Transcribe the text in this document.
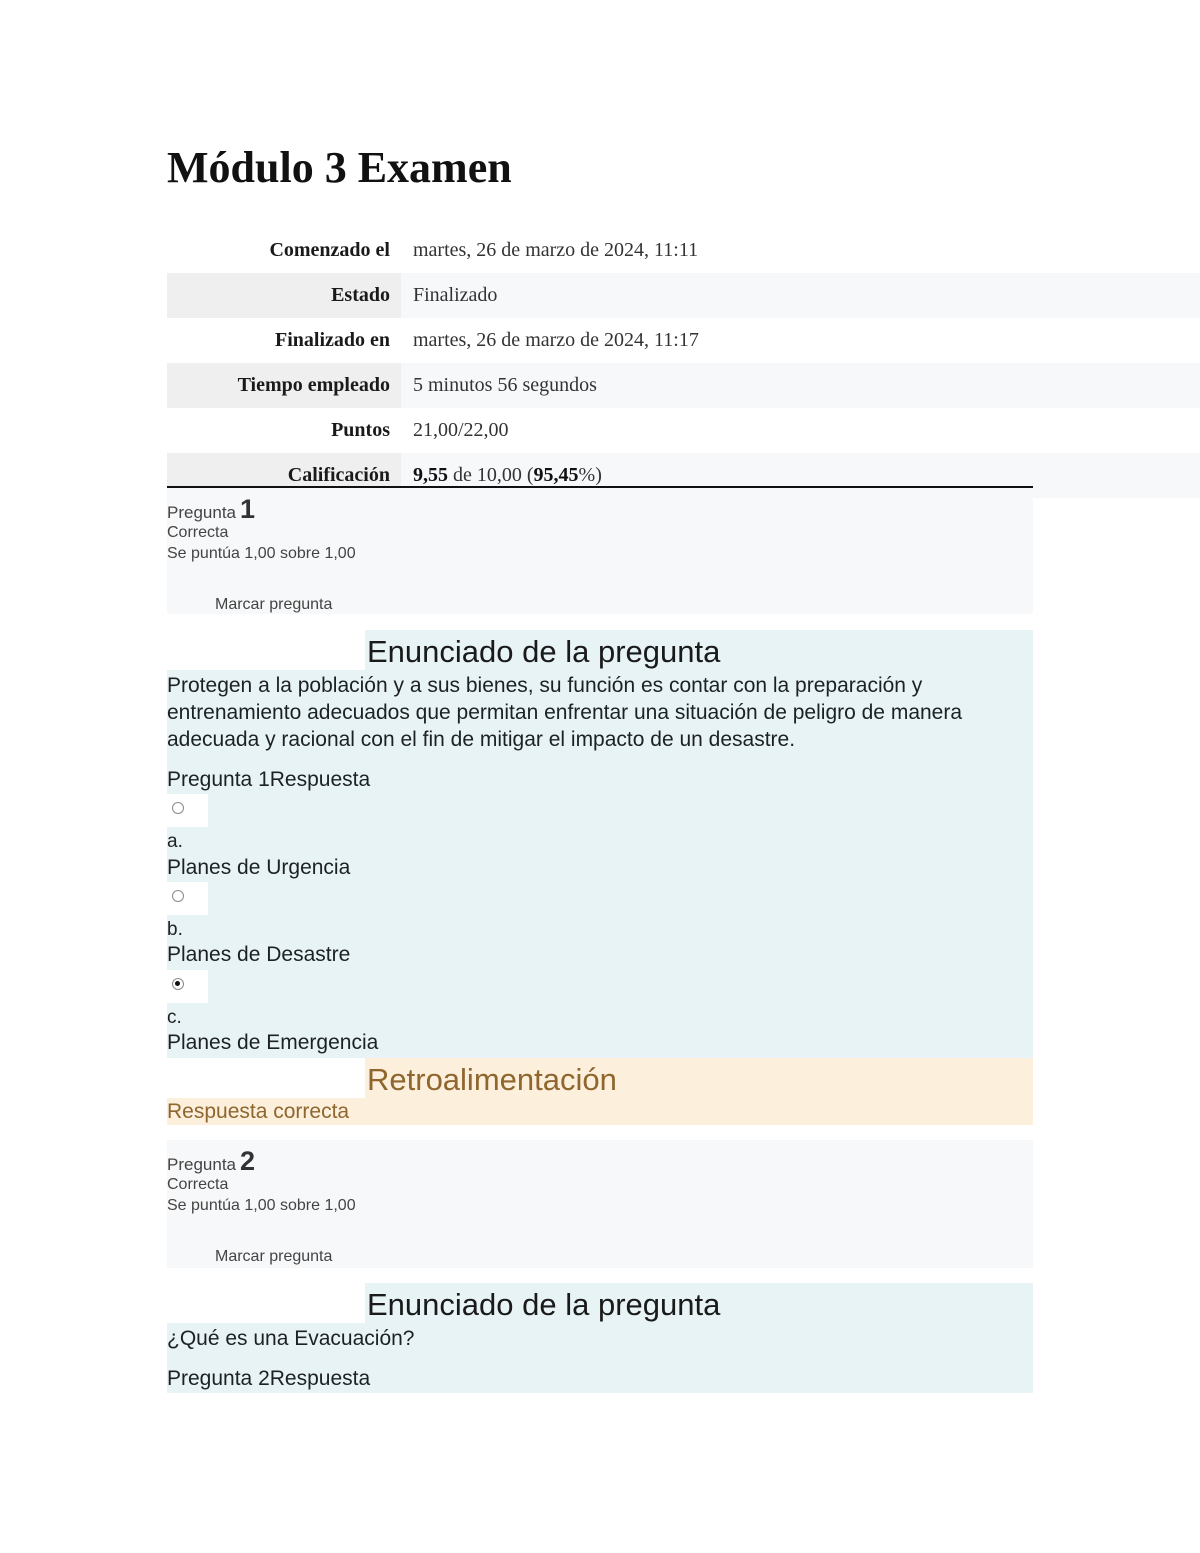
Módulo 3 Examen
Comenzado el	martes, 26 de marzo de 2024, 11:11
Estado	Finalizado
Finalizado en	martes, 26 de marzo de 2024, 11:17
Tiempo empleado	5 minutos 56 segundos
Puntos	21,00/22,00
Calificación	9,55 de 10,00 ( 95,45 %)
Pregunta 1
Correcta
Se puntúa 1,00 sobre 1,00
Marcar pregunta
Enunciado de la pregunta
Protegen a la población y a sus bienes, su función es contar con la preparación y entrenamiento adecuados que permitan enfrentar una situación de peligro de manera adecuada y racional con el fin de mitigar el impacto de un desastre.
Pregunta 1Respuesta
a.
Planes de Urgencia
b.
Planes de Desastre
c.
Planes de Emergencia
Retroalimentación
Respuesta correcta
Pregunta 2
Correcta
Se puntúa 1,00 sobre 1,00
Marcar pregunta
Enunciado de la pregunta
¿Qué es una Evacuación?
Pregunta 2Respuesta
